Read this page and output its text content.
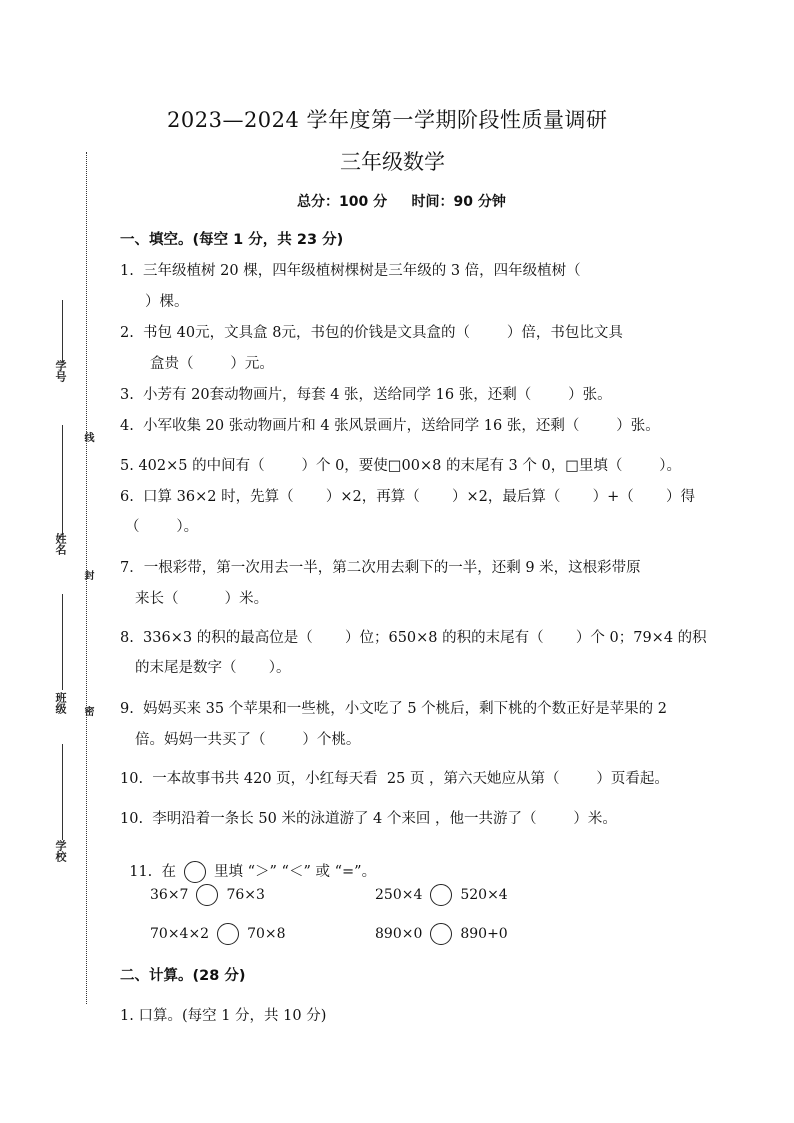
学号
线
姓名
封
班级 密
学校
2023—2024 学年度第一学期阶段性质量调研
三年级数学
总分：100 分     时间：90 分钟
一、填空。(每空 1 分，共 23 分)
1.  三年级植树 20 棵，四年级植树棵树是三年级的 3 倍，四年级植树（
）棵。
2.  书包 40元，文具盒 8元，书包的价钱是文具盒的（        ）倍，书包比文具
盒贵（        ）元。
3.  小芳有 20套动物画片，每套 4 张，送给同学 16 张，还剩（        ）张。
4.  小军收集 20 张动物画片和 4 张风景画片，送给同学 16 张，还剩（        ）张。
5. 402×5 的中间有（        ）个 0，要使□00×8 的末尾有 3 个 0，□里填（        ）。
6.  口算 36×2 时，先算（       ）×2，再算（       ）×2，最后算（       ）+（       ）得
（        ）。
7．一根彩带，第一次用去一半，第二次用去剩下的一半，还剩 9 米，这根彩带原
来长（          ）米。
8.  336×3 的积的最高位是（       ）位；650×8 的积的末尾有（       ）个 0；79×4 的积
的末尾是数字（       ）。
9.  妈妈买来 35 个苹果和一些桃，小文吃了 5 个桃后，剩下桃的个数正好是苹果的 2
倍。妈妈一共买了（        ）个桃。
10.  一本故事书共 420 页，小红每天看  25 页 ，第六天她应从第（        ）页看起。
10.  李明沿着一条长 50 米的泳道游了 4 个来回 ，他一共游了（        ）米。

11.  在	里填 “＞” “＜” 或 “=”。

36×7	76×3	250×4	520×4
70×4×2	70×8	890×0	890+0
二、计算。(28 分)
1. 口算。(每空 1 分，共 10 分)
